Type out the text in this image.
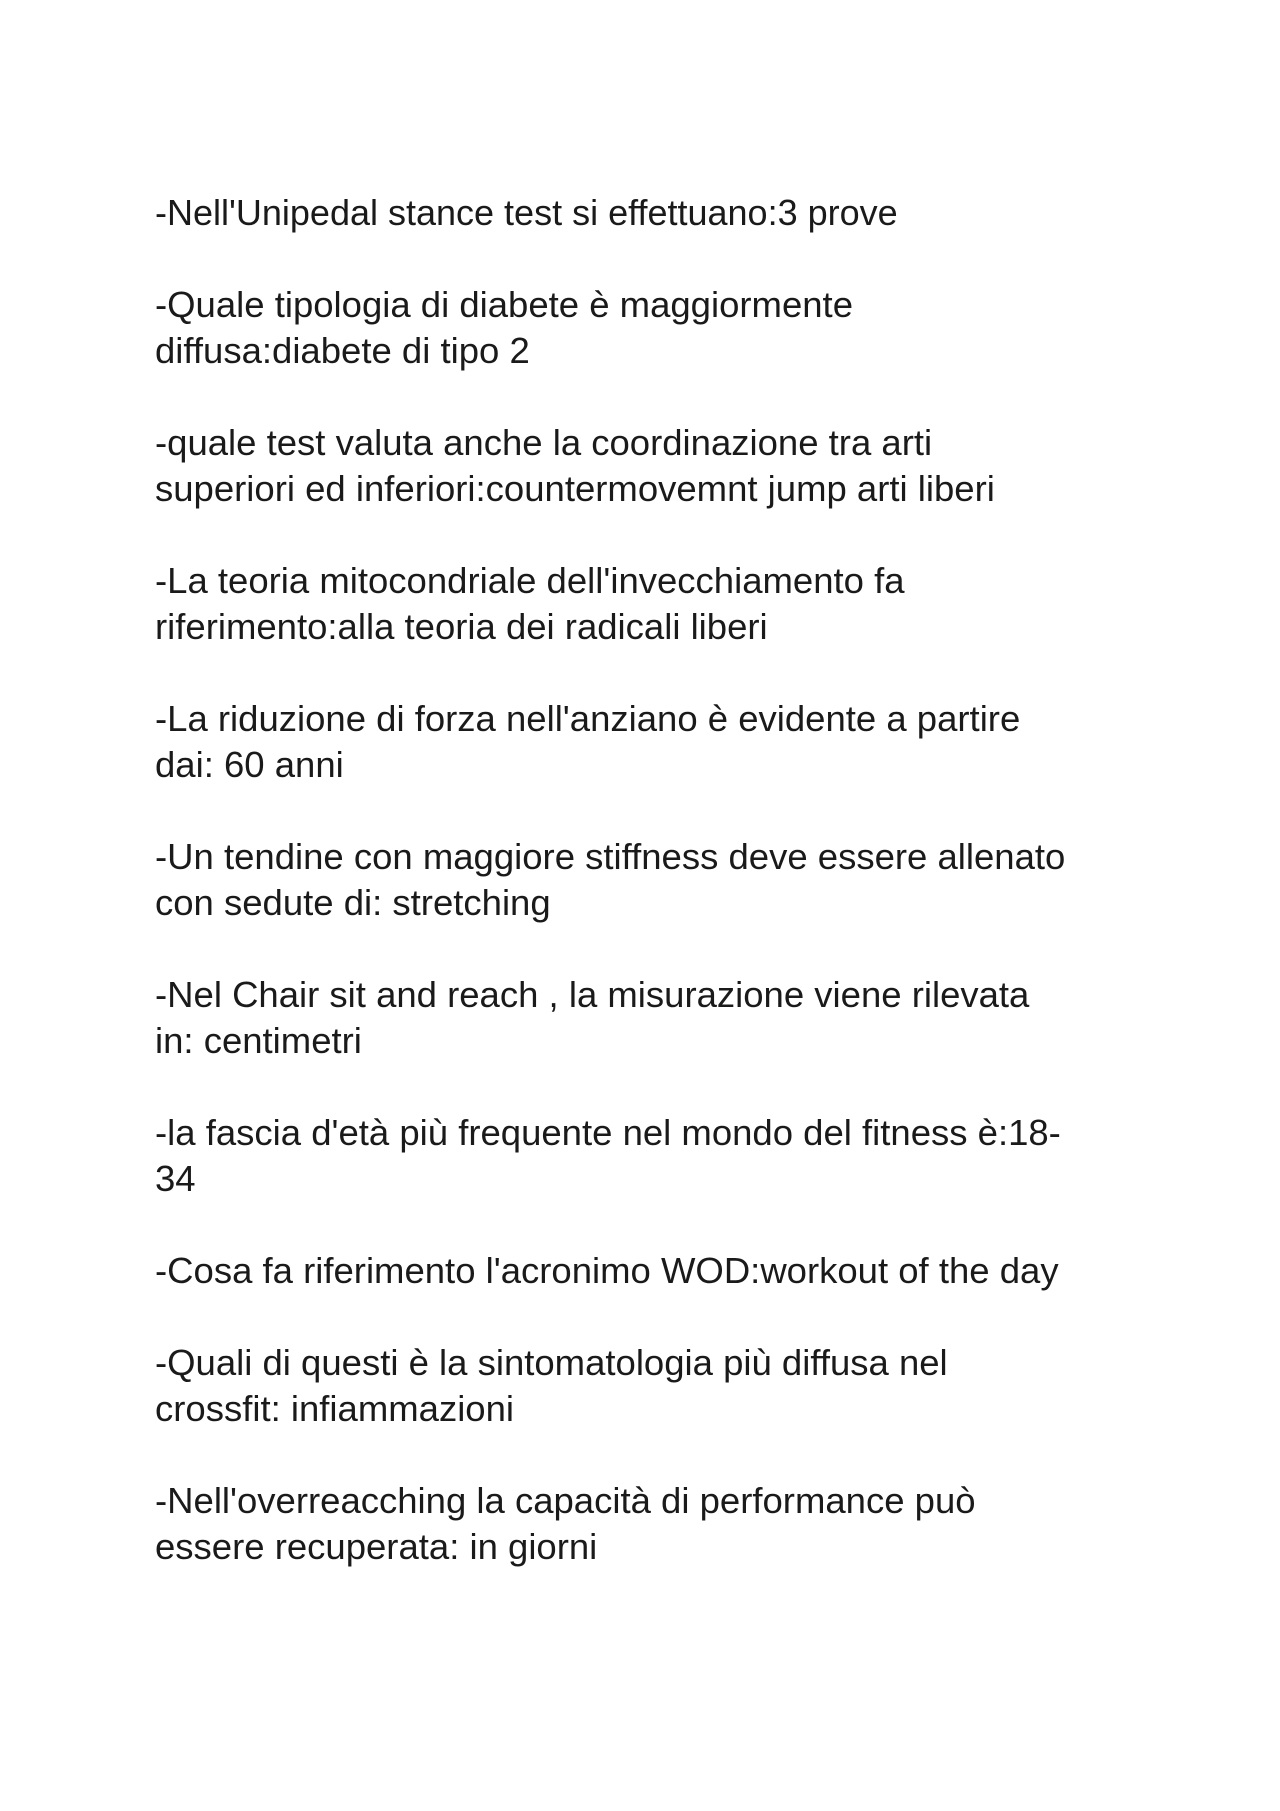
-Nell'Unipedal stance test si effettuano:3 prove

-Quale tipologia di diabete è maggiormente
diffusa:diabete di tipo 2

-quale test valuta anche la coordinazione tra arti
superiori ed inferiori:countermovemnt jump arti liberi

-La teoria mitocondriale dell'invecchiamento fa
riferimento:alla teoria dei radicali liberi

-La riduzione di forza nell'anziano è evidente a partire
dai: 60 anni

-Un tendine con maggiore stiffness deve essere allenato
con sedute di: stretching

-Nel Chair sit and reach , la misurazione viene rilevata
in: centimetri

-la fascia d'età più frequente nel mondo del fitness è:18-
34

-Cosa fa riferimento l'acronimo WOD:workout of the day

-Quali di questi è la sintomatologia più diffusa nel
crossfit: infiammazioni

-Nell'overreacching la capacità di performance può
essere recuperata: in giorni
